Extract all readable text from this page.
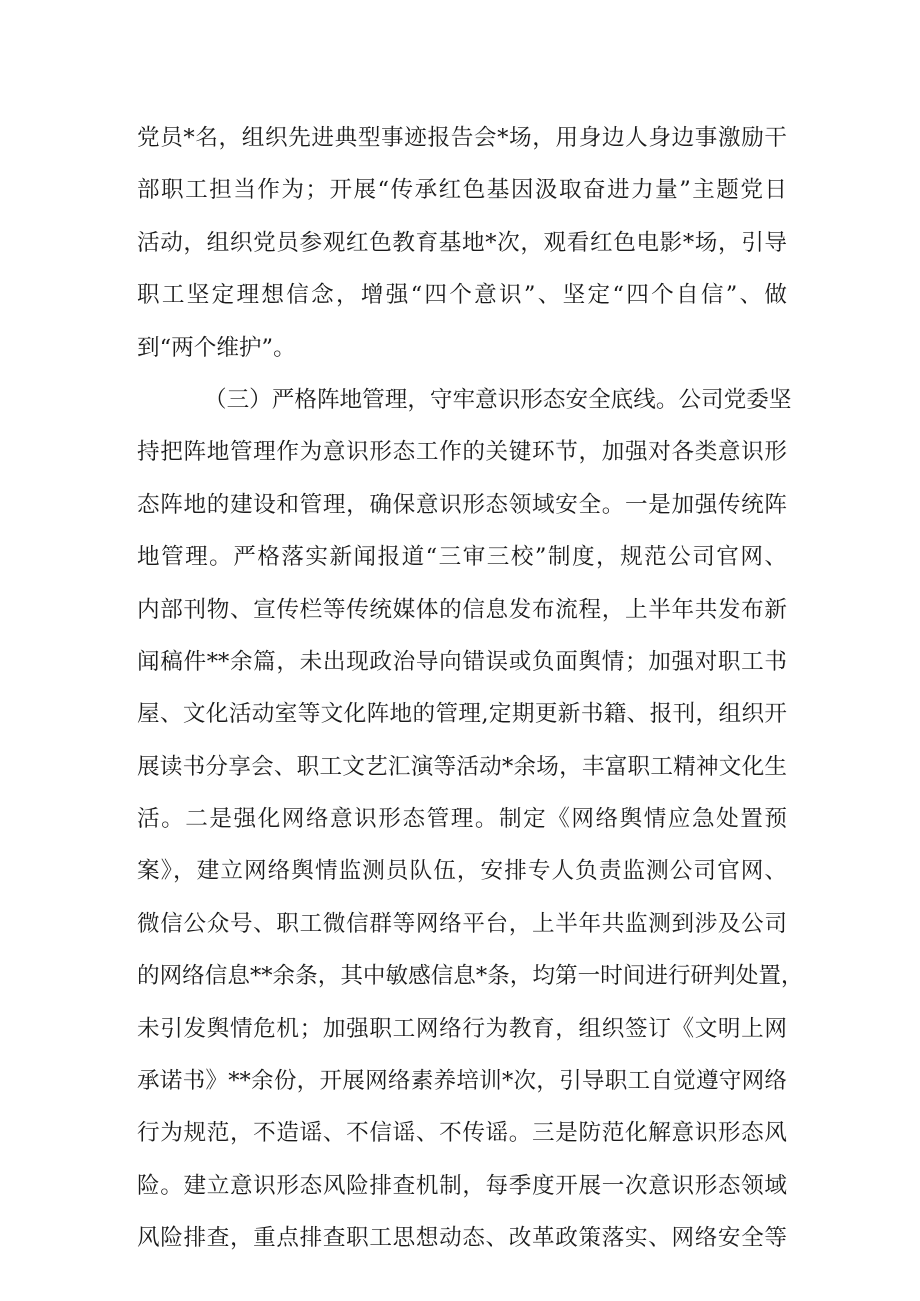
党员*名，组织先进典型事迹报告会*场，用身边人身边事激励干
部职工担当作为；开展“传承红色基因汲取奋进力量”主题党日
活动，组织党员参观红色教育基地*次，观看红色电影*场，引导
职工坚定理想信念，增强“四个意识”、坚定“四个自信”、做
到“两个维护”。
（三）严格阵地管理，守牢意识形态安全底线。公司党委坚
持把阵地管理作为意识形态工作的关键环节，加强对各类意识形
态阵地的建设和管理，确保意识形态领域安全。一是加强传统阵
地管理。严格落实新闻报道“三审三校”制度，规范公司官网、
内部刊物、宣传栏等传统媒体的信息发布流程，上半年共发布新
闻稿件**余篇，未出现政治导向错误或负面舆情；加强对职工书
屋、文化活动室等文化阵地的管理,定期更新书籍、报刊，组织开
展读书分享会、职工文艺汇演等活动*余场，丰富职工精神文化生
活。二是强化网络意识形态管理。制定《网络舆情应急处置预
案》，建立网络舆情监测员队伍，安排专人负责监测公司官网、
微信公众号、职工微信群等网络平台，上半年共监测到涉及公司
的网络信息**余条，其中敏感信息*条，均第一时间进行研判处置，
未引发舆情危机；加强职工网络行为教育，组织签订《文明上网
承诺书》**余份，开展网络素养培训*次，引导职工自觉遵守网络
行为规范，不造谣、不信谣、不传谣。三是防范化解意识形态风
险。建立意识形态风险排查机制，每季度开展一次意识形态领域
风险排查，重点排查职工思想动态、改革政策落实、网络安全等
